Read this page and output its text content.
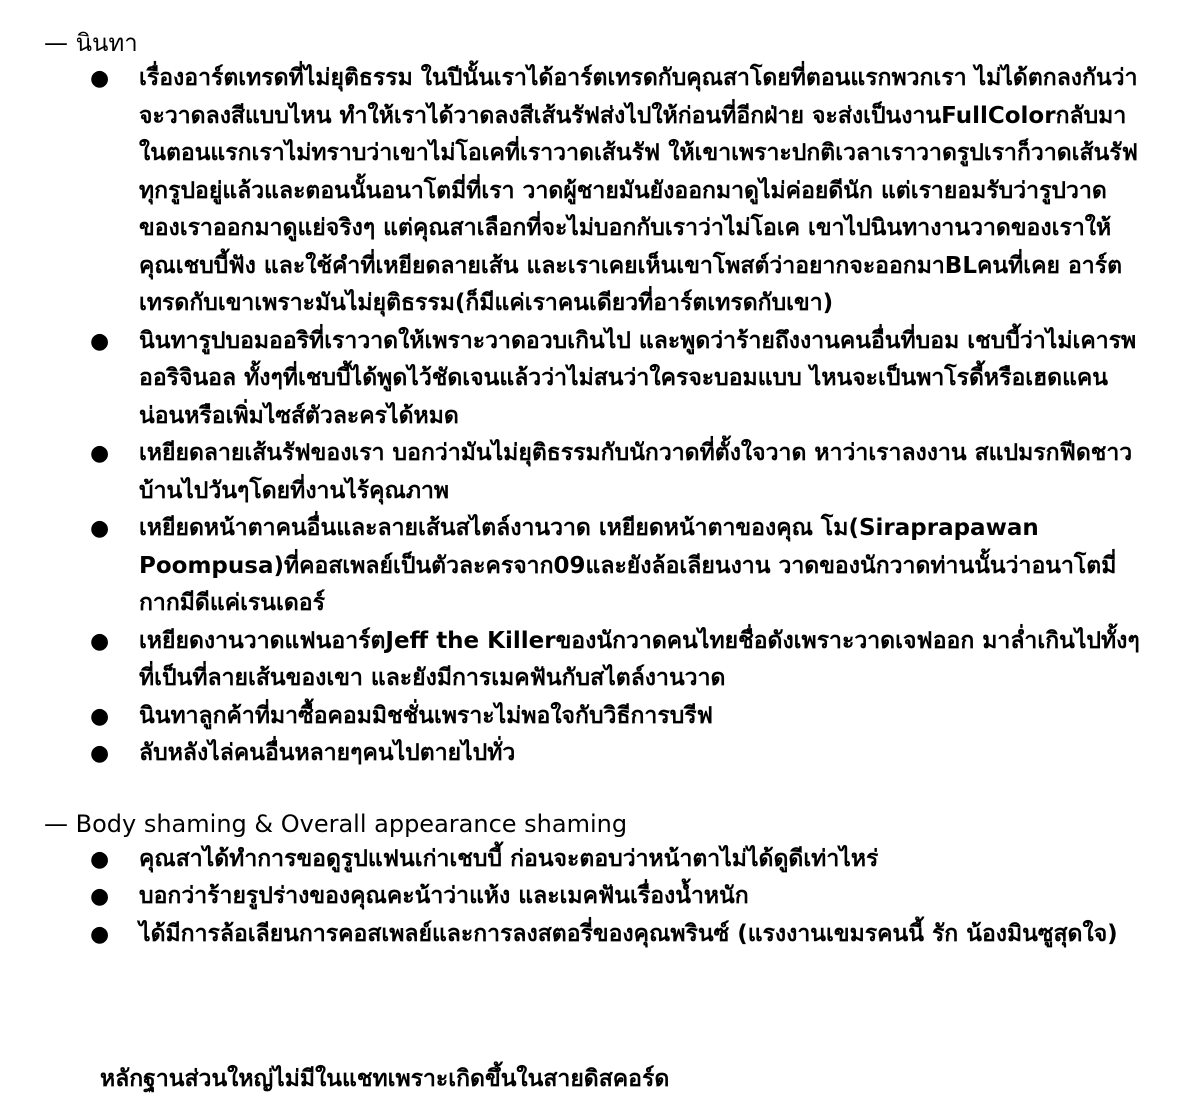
— นินทา
● เรื่องอาร์ตเทรดที่ไม่ยุติธรรม ในปีนั้นเราได้อาร์ตเทรดกับคุณสาโดยที่ตอนแรกพวกเรา ไม่ได้ตกลงกันว่าจะวาดลงสีแบบไหน ทำให้เราได้วาดลงสีเส้นรัฟส่งไปให้ก่อนที่อีกฝ่าย จะส่งเป็นงานFullColorกลับมา ในตอนแรกเราไม่ทราบว่าเขาไม่โอเคที่เราวาดเส้นรัฟ ให้เขาเพราะปกติเวลาเราวาดรูปเราก็วาดเส้นรัฟทุกรูปอยู่แล้วและตอนนั้นอนาโตมี่ที่เรา วาดผู้ชายมันยังออกมาดูไม่ค่อยดีนัก แต่เรายอมรับว่ารูปวาดของเราออกมาดูแย่จริงๆ แต่คุณสาเลือกที่จะไม่บอกกับเราว่าไม่โอเค เขาไปนินทางานวาดของเราให้คุณเชบบี้ฟัง และใช้คำที่เหยียดลายเส้น และเราเคยเห็นเขาโพสต์ว่าอยากจะออกมาBLคนที่เคย อาร์ตเทรดกับเขาเพราะมันไม่ยุติธรรม(ก็มีแค่เราคนเดียวที่อาร์ตเทรดกับเขา)
● นินทารูปบอมออริที่เราวาดให้เพราะวาดอวบเกินไป และพูดว่าร้ายถึงงานคนอื่นที่บอม เชบบี้ว่าไม่เคารพออริจินอล ทั้งๆที่เชบบี้ได้พูดไว้ชัดเจนแล้วว่าไม่สนว่าใครจะบอมแบบ ไหนจะเป็นพาโรดี้หรือเฮดแคนน่อนหรือเพิ่มไซส์ตัวละครได้หมด
● เหยียดลายเส้นรัฟของเรา บอกว่ามันไม่ยุติธรรมกับนักวาดที่ตั้งใจวาด หาว่าเราลงงาน สแปมรกฟีดชาวบ้านไปวันๆโดยที่งานไร้คุณภาพ
● เหยียดหน้าตาคนอื่นและลายเส้นสไตล์งานวาด เหยียดหน้าตาของคุณ โม(Siraprapawan Poompusa)ที่คอสเพลย์เป็นตัวละครจาก09และยังล้อเลียนงาน วาดของนักวาดท่านนั้นว่าอนาโตมี่กากมีดีแค่เรนเดอร์
● เหยียดงานวาดแฟนอาร์ตJeff the Killerของนักวาดคนไทยชื่อดังเพราะวาดเจฟออก มาล่ำเกินไปทั้งๆที่เป็นที่ลายเส้นของเขา และยังมีการเมคฟันกับสไตล์งานวาด
● นินทาลูกค้าที่มาซื้อคอมมิชชั่นเพราะไม่พอใจกับวิธีการบรีฟ
● ลับหลังไล่คนอื่นหลายๆคนไปตายไปทั่ว
— Body shaming & Overall appearance shaming
● คุณสาได้ทำการขอดูรูปแฟนเก่าเชบบี้ ก่อนจะตอบว่าหน้าตาไม่ได้ดูดีเท่าไหร่
● บอกว่าร้ายรูปร่างของคุณคะน้าว่าแห้ง และเมคฟันเรื่องน้ำหนัก
● ได้มีการล้อเลียนการคอสเพลย์และการลงสตอรี่ของคุณพรินซ์ (แรงงานเขมรคนนี้ รัก น้องมินซูสุดใจ)
หลักฐานส่วนใหญ่ไม่มีในแชทเพราะเกิดขึ้นในสายดิสคอร์ด
